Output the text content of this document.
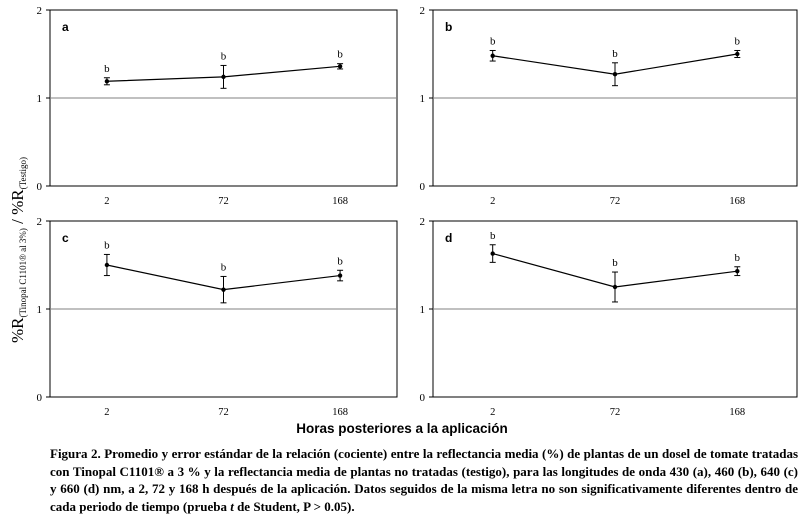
0
1
2
2	72	168
b
b	b
a
0
1
2
2	72	168
b
b
b
b
0
1
2
2	72	168
b
b
b
c
0
1
2
2	72	168
b
b	b
d
$\%R_{(Tinopal C1101® al 3\%)} / \%R_{(Testigo)}$
Horas posteriores a la aplicación
Figura 2. Promedio y error estándar de la relación (cociente) entre la reflectancia media (%) de plantas de un dosel de tomate tratadas con Tinopal C1101® a 3 % y la reflectancia media de plantas no tratadas (testigo), para las longitudes de onda 430 (a), 460 (b), 640 (c) y 660 (d) nm, a 2, 72 y 168 h después de la aplicación. Datos seguidos de la misma letra no son significativamente diferentes dentro de cada periodo de tiempo (prueba t de Student, P > 0.05).
